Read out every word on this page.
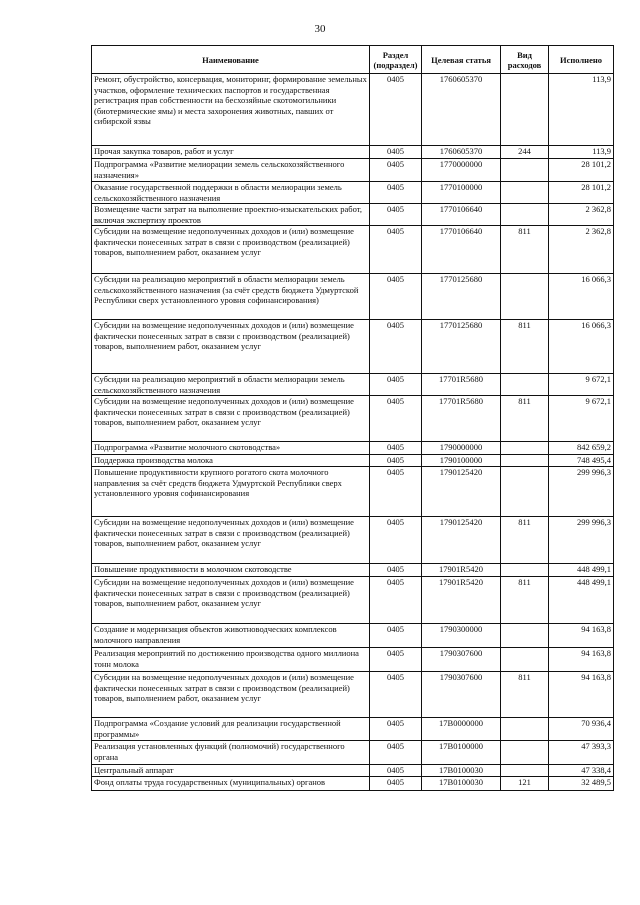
30
Наименование	Раздел (подраздел)	Целевая статья	Вид расходов	Исполнено
Ремонт, обустройство, консервация, мониторинг, формирование земельных участков, оформление технических паспортов и государственная регистрация прав собственности на бесхозяйные скотомогильники (биотермические ямы) и места захоронения животных, павших от сибирской язвы	0405	1760605370		113,9
Прочая закупка товаров, работ и услуг	0405	1760605370	244	113,9
Подпрограмма «Развитие мелиорации земель сельскохозяйственного назначения»	0405	1770000000		28 101,2
Оказание государственной поддержки в области мелиорации земель сельскохозяйственного назначения	0405	1770100000		28 101,2
Возмещение части затрат на выполнение проектно-изыскательских работ, включая экспертизу проектов	0405	1770106640		2 362,8
Субсидии на возмещение недополученных доходов и (или) возмещение фактически понесенных затрат в связи с производством (реализацией) товаров, выполнением работ, оказанием услуг	0405	1770106640	811	2 362,8
Субсидии на реализацию мероприятий в области мелиорации земель сельскохозяйственного назначения (за счёт средств бюджета Удмуртской Республики сверх установленного уровня софинансирования)	0405	1770125680		16 066,3
Субсидии на возмещение недополученных доходов и (или) возмещение фактически понесенных затрат в связи с производством (реализацией) товаров, выполнением работ, оказанием услуг	0405	1770125680	811	16 066,3
Субсидии на реализацию мероприятий в области мелиорации земель сельскохозяйственного назначения	0405	17701R5680		9 672,1
Субсидии на возмещение недополученных доходов и (или) возмещение фактически понесенных затрат в связи с производством (реализацией) товаров, выполнением работ, оказанием услуг	0405	17701R5680	811	9 672,1
Подпрограмма «Развитие молочного скотоводства»	0405	1790000000		842 659,2
Поддержка производства молока	0405	1790100000		748 495,4
Повышение продуктивности крупного рогатого скота молочного направления за счёт средств бюджета Удмуртской Республики сверх установленного уровня софинансирования	0405	1790125420		299 996,3
Субсидии на возмещение недополученных доходов и (или) возмещение фактически понесенных затрат в связи с производством (реализацией) товаров, выполнением работ, оказанием услуг	0405	1790125420	811	299 996,3
Повышение продуктивности в молочном скотоводстве	0405	17901R5420		448 499,1
Субсидии на возмещение недополученных доходов и (или) возмещение фактически понесенных затрат в связи с производством (реализацией) товаров, выполнением работ, оказанием услуг	0405	17901R5420	811	448 499,1
Создание и модернизация объектов животноводческих комплексов молочного направления	0405	1790300000		94 163,8
Реализация мероприятий по достижению производства одного миллиона тонн молока	0405	1790307600		94 163,8
Субсидии на возмещение недополученных доходов и (или) возмещение фактически понесенных затрат в связи с производством (реализацией) товаров, выполнением работ, оказанием услуг	0405	1790307600	811	94 163,8
Подпрограмма «Создание условий для реализации государственной программы»	0405	17B0000000		70 936,4
Реализация установленных функций (полномочий) государственного органа	0405	17B0100000		47 393,3
Центральный аппарат	0405	17B0100030		47 338,4
Фонд оплаты труда государственных (муниципальных) органов	0405	17B0100030	121	32 489,5
